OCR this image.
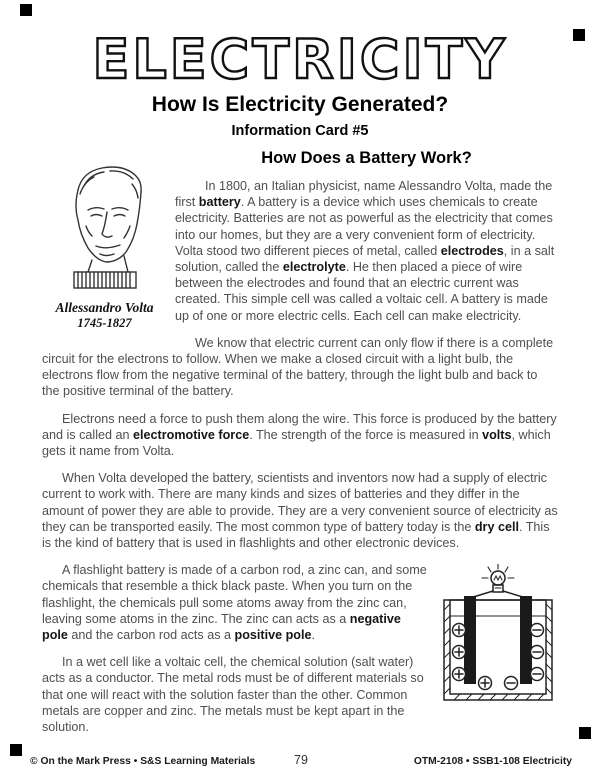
ELECTRICITY
How Is Electricity Generated?
Information Card #5
Allessandro Volta
1745-1827
How Does a Battery Work?

In 1800, an Italian physicist, name Alessandro Volta, made the first battery. A battery is a device which uses chemicals to create electricity. Batteries are not as powerful as the electricity that comes into our homes, but they are a very convenient form of electricity. Volta stood two different pieces of metal, called electrodes, in a salt solution, called the electrolyte. He then placed a piece of wire between the electrodes and found that an electric current was created. This simple cell was called a voltaic cell. A battery is made up of one or more electric cells. Each cell can make electricity.

We know that electric current can only flow if there is a complete circuit for the electrons to follow. When we make a closed circuit with a light bulb, the electrons flow from the negative terminal of the battery, through the light bulb and back to the positive terminal of the battery.

Electrons need a force to push them along the wire. This force is produced by the battery and is called an electromotive force. The strength of the force is measured in volts, which gets it name from Volta.

When Volta developed the battery, scientists and inventors now had a supply of electric current to work with. There are many kinds and sizes of batteries and they differ in the amount of power they are able to provide. They are a very convenient source of electricity as they can be transported easily. The most common type of battery today is the dry cell. This is the kind of battery that is used in flashlights and other electronic devices.

A flashlight battery is made of a carbon rod, a zinc can, and some chemicals that resemble a thick black paste. When you turn on the flashlight, the chemicals pull some atoms away from the zinc can, leaving some atoms in the zinc. The zinc can acts as a negative pole and the carbon rod acts as a positive pole.

In a wet cell like a voltaic cell, the chemical solution (salt water) acts as a conductor. The metal rods must be of different materials so that one will react with the solution faster than the other. Common metals are copper and zinc. The metals must be kept apart in the solution.

© On the Mark Press • S&S Learning Materials	79	OTM-2108 • SSB1-108 Electricity
